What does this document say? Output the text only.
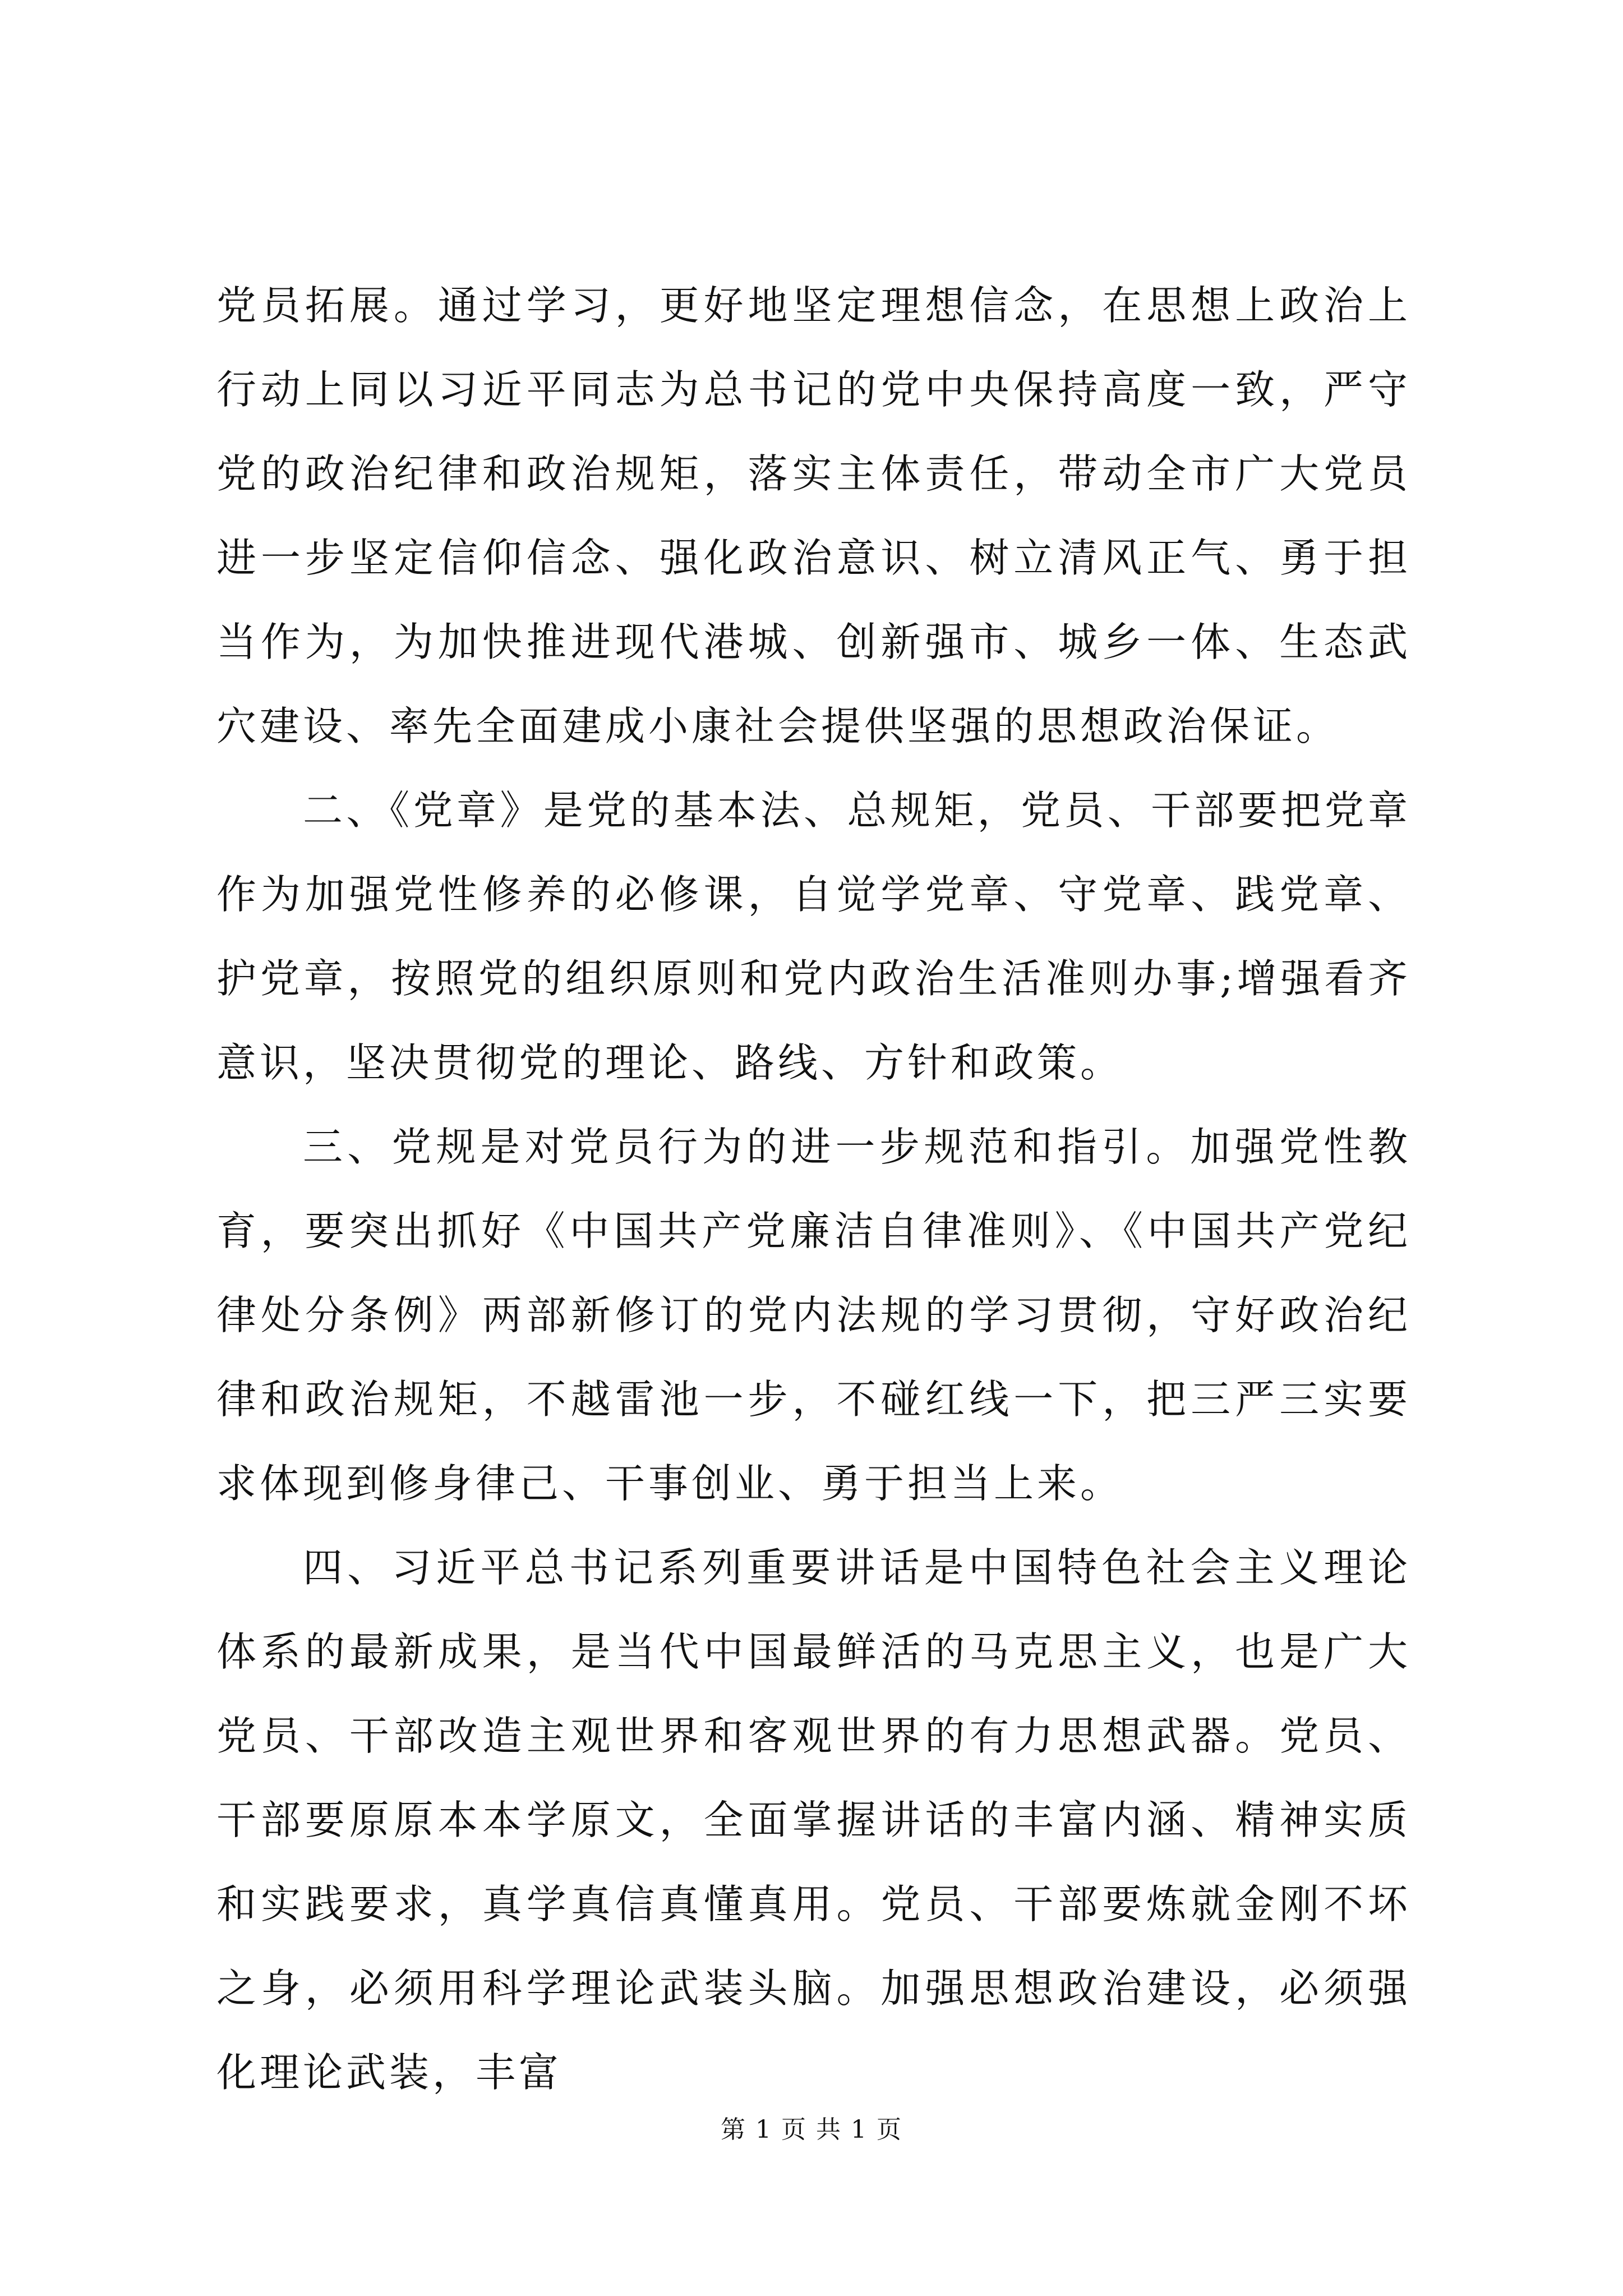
党员拓展。通过学习，更好地坚定理想信念，在思想上政治上行动上同以习近平同志为总书记的党中央保持高度一致，严守党的政治纪律和政治规矩，落实主体责任，带动全市广大党员进一步坚定信仰信念、强化政治意识、树立清风正气、勇于担当作为，为加快推进现代港城、创新强市、城乡一体、生态武穴建设、率先全面建成小康社会提供坚强的思想政治保证。

二、《党章》是党的基本法、总规矩，党员、干部要把党章作为加强党性修养的必修课，自觉学党章、守党章、践党章、护党章，按照党的组织原则和党内政治生活准则办事;增强看齐意识，坚决贯彻党的理论、路线、方针和政策。

三、党规是对党员行为的进一步规范和指引。加强党性教育，要突出抓好《中国共产党廉洁自律准则》、《中国共产党纪律处分条例》两部新修订的党内法规的学习贯彻，守好政治纪律和政治规矩，不越雷池一步，不碰红线一下，把三严三实要求体现到修身律己、干事创业、勇于担当上来。

四、习近平总书记系列重要讲话是中国特色社会主义理论体系的最新成果，是当代中国最鲜活的马克思主义，也是广大党员、干部改造主观世界和客观世界的有力思想武器。党员、干部要原原本本学原文，全面掌握讲话的丰富内涵、精神实质和实践要求，真学真信真懂真用。党员、干部要炼就金刚不坏之身，必须用科学理论武装头脑。加强思想政治建设，必须强化理论武装，丰富

第 1 页 共 1 页
